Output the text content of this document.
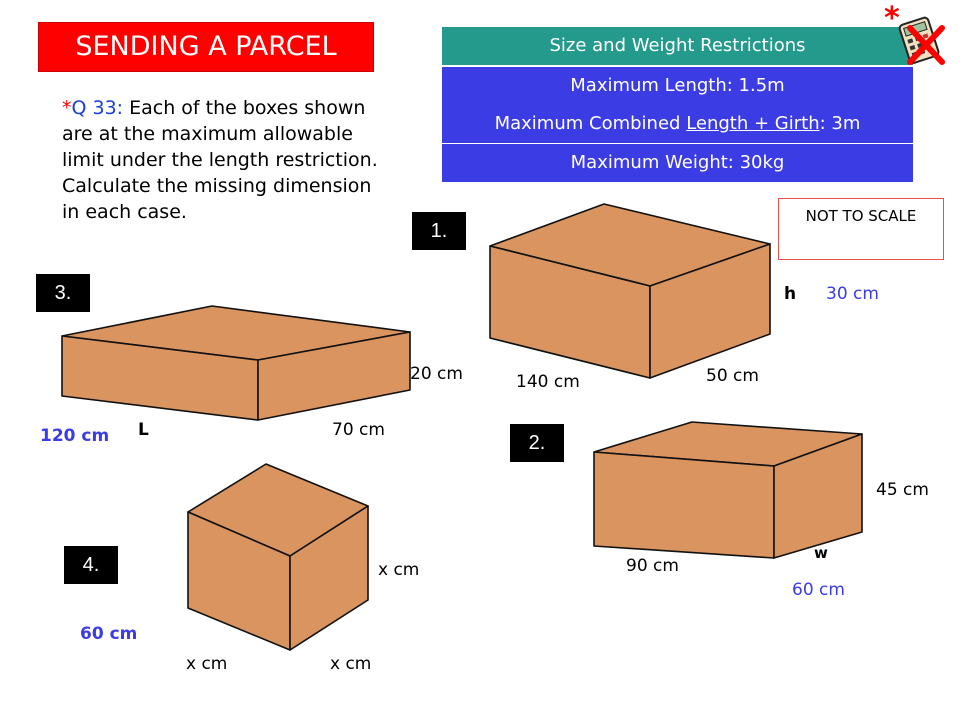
SENDING A PARCEL	Size and Weight Restrictions
Maximum Length: 1.5m
Maximum Combined Length + Girth: 3m
Maximum Weight: 30kg
*
*Q 33: Each of the boxes shown are at the maximum allowable limit under the length restriction. Calculate the missing dimension in each case.	NOT TO SCALE
1.
2.
3.
4.
140 cm	50 cm
h 30 cm
45 cm
90 cm
w
60 cm
20 cm
70 cm
L
120 cm
x cm
x cm	x cm
60 cm
